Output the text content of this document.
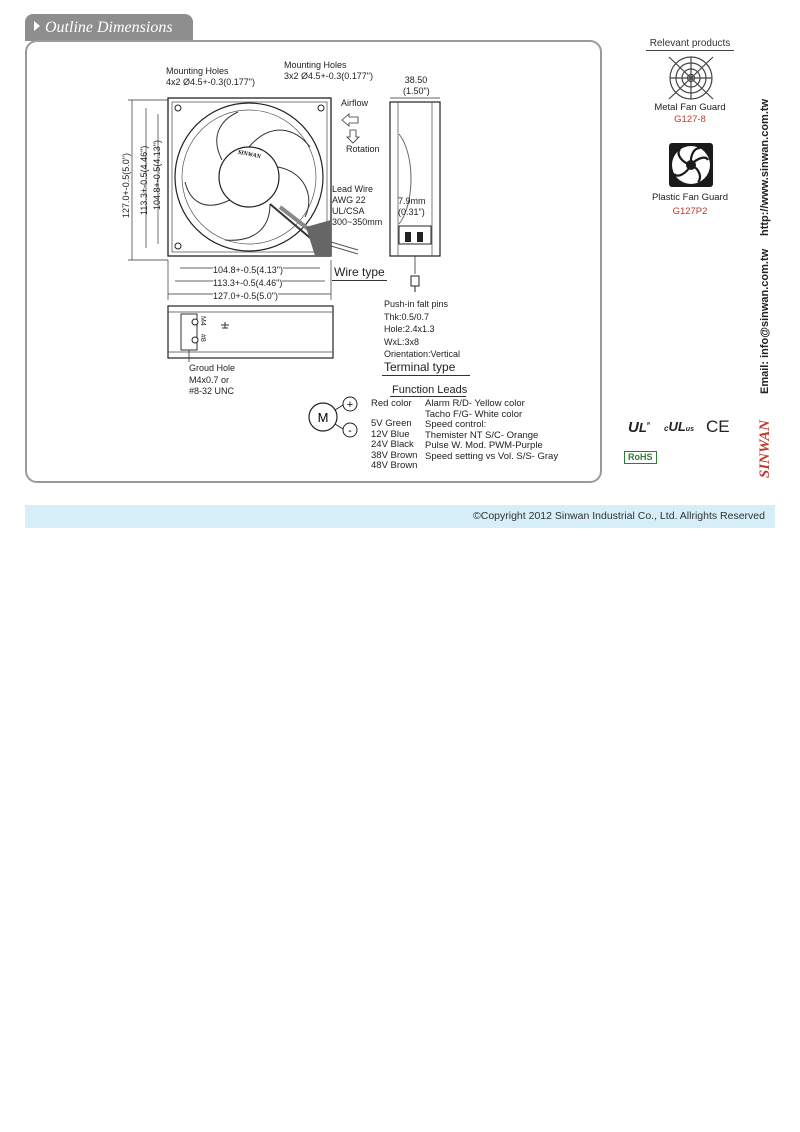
Outline Dimensions
SINWAN
Mounting Holes
4x2 Ø4.5+-0.3(0.177")
Mounting Holes
3x2 Ø4.5+-0.3(0.177")
127.0+-0.5(5.0") 113.3+-0.5(4.46") 104.8+-0.5(4.13")
104.8+-0.5(4.13")
113.3+-0.5(4.46")
127.0+-0.5(5.0")
Airflow
Rotation
Lead Wire
AWG 22
UL/CSA
300~350mm
Wire type
38.50
(1.50")
7.9mm
(0.31")
Push-in falt pins
Thk:0.5/0.7
Hole:2.4x1.3
WxL:3x8
Orientation:Vertical
Terminal type
M4
#8
Groud Hole
M4x0.7 or
#8-32 UNC	Function Leads
M
+
-
Red color
5V Green
12V Blue
24V Black
38V Brown
48V Brown
Alarm R/D- Yellow color
Tacho F/G- White color
Speed control:
Themister NT S/C- Orange
Pulse W. Mod. PWM-Purple
Speed setting vs Vol. S/S- Gray
Relevant products
Metal Fan Guard
G127-8
Plastic Fan Guard
G127P2	http://www.sinwan.com.tw
Email: info@sinwan.com.tw
SINWAN
$UL^ᴿ$ cULus CE
RoHS
©Copyright 2012 Sinwan Industrial Co., Ltd. Allrights Reserved
